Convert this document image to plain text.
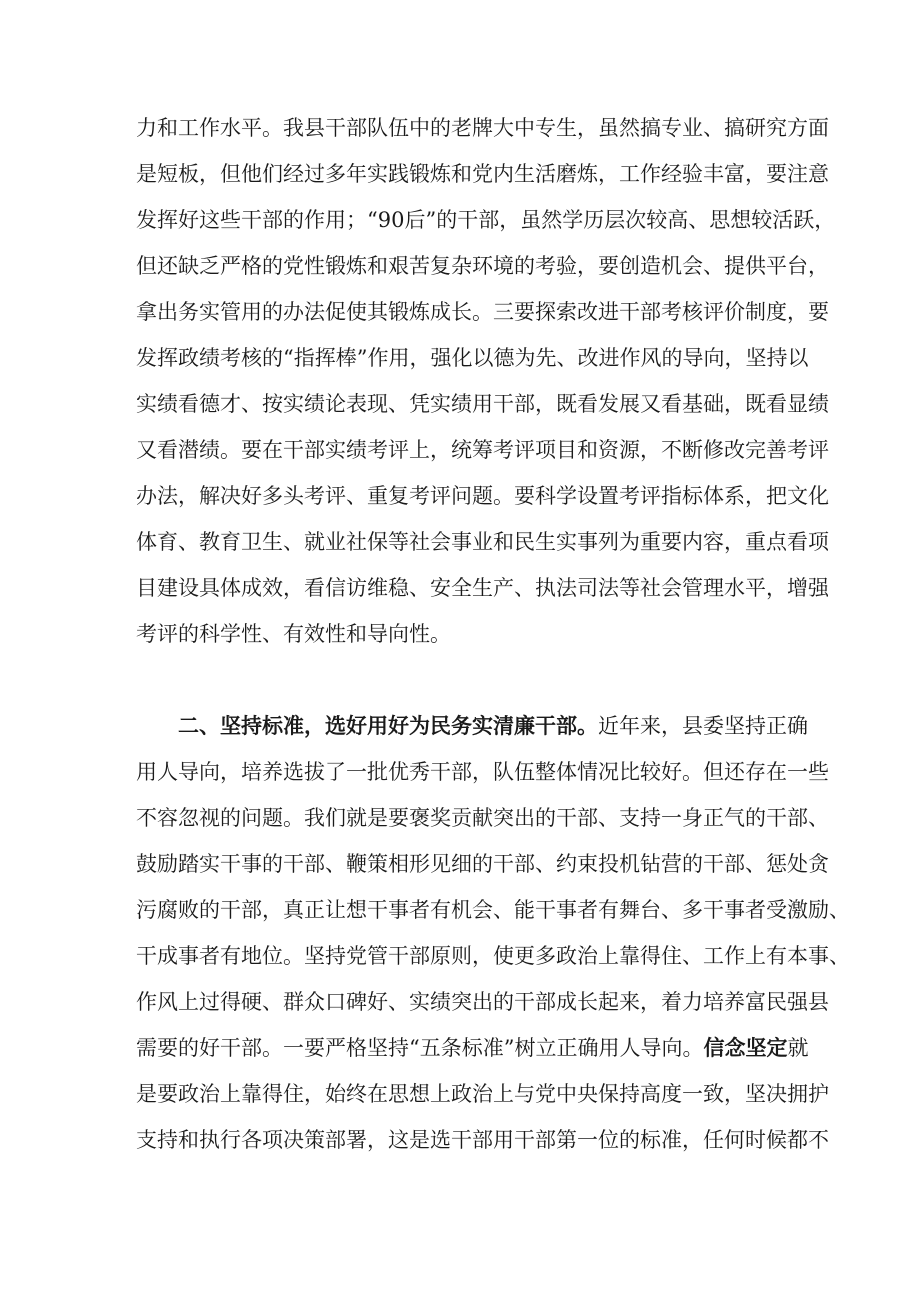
力和工作水平。我县干部队伍中的老牌大中专生，虽然搞专业、搞研究方面
是短板，但他们经过多年实践锻炼和党内生活磨炼，工作经验丰富，要注意
发挥好这些干部的作用；“90后”的干部，虽然学历层次较高、思想较活跃，
但还缺乏严格的党性锻炼和艰苦复杂环境的考验，要创造机会、提供平台，
拿出务实管用的办法促使其锻炼成长。三要探索改进干部考核评价制度，要
发挥政绩考核的“指挥棒”作用，强化以德为先、改进作风的导向，坚持以
实绩看德才、按实绩论表现、凭实绩用干部，既看发展又看基础，既看显绩
又看潜绩。要在干部实绩考评上，统筹考评项目和资源，不断修改完善考评
办法，解决好多头考评、重复考评问题。要科学设置考评指标体系，把文化
体育、教育卫生、就业社保等社会事业和民生实事列为重要内容，重点看项
目建设具体成效，看信访维稳、安全生产、执法司法等社会管理水平，增强
考评的科学性、有效性和导向性。
二、坚持标准，选好用好为民务实清廉干部。近年来，县委坚持正确
用人导向，培养选拔了一批优秀干部，队伍整体情况比较好。但还存在一些
不容忽视的问题。我们就是要褒奖贡献突出的干部、支持一身正气的干部、
鼓励踏实干事的干部、鞭策相形见细的干部、约束投机钻营的干部、惩处贪
污腐败的干部，真正让想干事者有机会、能干事者有舞台、多干事者受激励、
干成事者有地位。坚持党管干部原则，使更多政治上靠得住、工作上有本事、
作风上过得硬、群众口碑好、实绩突出的干部成长起来，着力培养富民强县
需要的好干部。一要严格坚持“五条标准”树立正确用人导向。信念坚定就
是要政治上靠得住，始终在思想上政治上与党中央保持高度一致，坚决拥护
支持和执行各项决策部署，这是选干部用干部第一位的标准，任何时候都不
